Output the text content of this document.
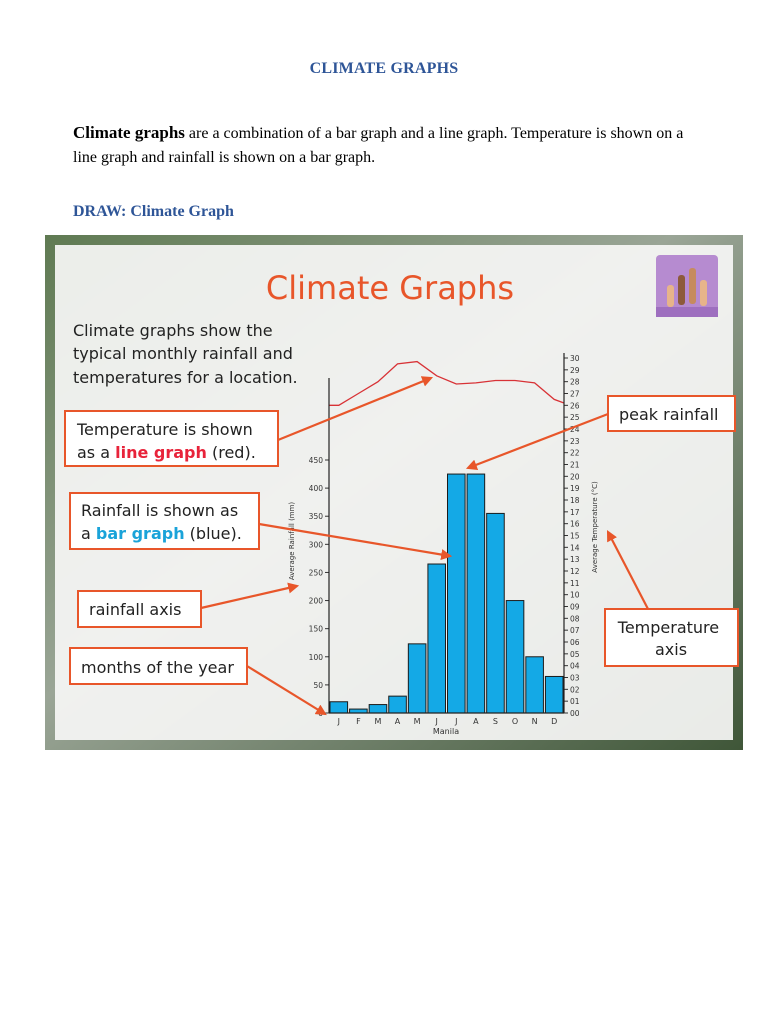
CLIMATE GRAPHS
Climate graphs are a combination of a bar graph and a line graph. Temperature is shown on a line graph and rainfall is shown on a bar graph.
DRAW: Climate Graph
Climate Graphs
Climate graphs show the typical monthly rainfall and temperatures for a location.
0
50
100
150
200
250
300
350
400
450
00
01
02
03
04
05
06
07
08
09
10
11
12
13
14
15
16
17
18
19
20
21
22
23
24
25
26
27
28
29
30
J F M A M J J A S O N D
Average Rainfall (mm)	Average Temperature (°C)
Manila
Temperature is shown
as a line graph (red).
Rainfall is shown as
a bar graph (blue).
rainfall axis
months of the year
peak rainfall
Temperature axis
